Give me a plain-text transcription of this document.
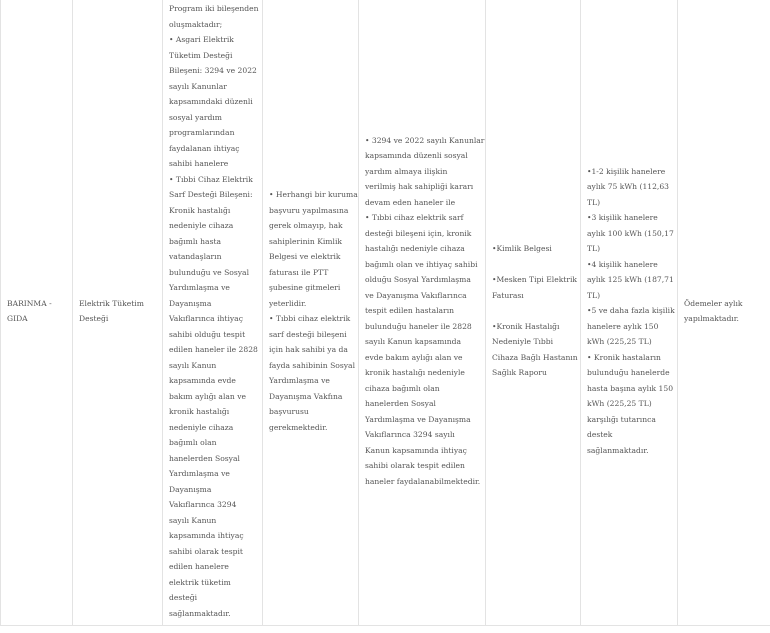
BARINMA -
GIDA

Elektrik Tüketim
Desteği

Program iki bileşenden
oluşmaktadır;
• Asgari Elektrik
Tüketim Desteği
Bileşeni: 3294 ve 2022
sayılı Kanunlar
kapsamındaki düzenli
sosyal yardım
programlarından
faydalanan ihtiyaç
sahibi hanelere
• Tıbbi Cihaz Elektrik
Sarf Desteği Bileşeni:
Kronik hastalığı
nedeniyle cihaza
bağımlı hasta
vatandaşların
bulunduğu ve Sosyal
Yardımlaşma ve
Dayanışma
Vakıflarınca ihtiyaç
sahibi olduğu tespit
edilen haneler ile 2828
sayılı Kanun
kapsamında evde
bakım aylığı alan ve
kronik hastalığı
nedeniyle cihaza
bağımlı olan
hanelerden Sosyal
Yardımlaşma ve
Dayanışma
Vakıflarınca 3294
sayılı Kanun
kapsamında ihtiyaç
sahibi olarak tespit
edilen hanelere
elektrik tüketim
desteği
sağlanmaktadır.

• Herhangi bir kuruma
başvuru yapılmasına
gerek olmayıp, hak
sahiplerinin Kimlik
Belgesi ve elektrik
faturası ile PTT
şubesine gitmeleri
yeterlidir.
• Tıbbi cihaz elektrik
sarf desteği bileşeni
için hak sahibi ya da
fayda sahibinin Sosyal
Yardımlaşma ve
Dayanışma Vakfına
başvurusu
gerekmektedir.

• 3294 ve 2022 sayılı Kanunlar
kapsamında düzenli sosyal
yardım almaya ilişkin
verilmiş hak sahipliği kararı
devam eden haneler ile
• Tıbbi cihaz elektrik sarf
desteği bileşeni için, kronik
hastalığı nedeniyle cihaza
bağımlı olan ve ihtiyaç sahibi
olduğu Sosyal Yardımlaşma
ve Dayanışma Vakıflarınca
tespit edilen hastaların
bulunduğu haneler ile 2828
sayılı Kanun kapsamında
evde bakım aylığı alan ve
kronik hastalığı nedeniyle
cihaza bağımlı olan
hanelerden Sosyal
Yardımlaşma ve Dayanışma
Vakıflarınca 3294 sayılı
Kanun kapsamında ihtiyaç
sahibi olarak tespit edilen
haneler faydalanabilmektedir.

•Kimlik Belgesi
•Mesken Tipi Elektrik
Faturası
•Kronik Hastalığı
Nedeniyle Tıbbi
Cihaza Bağlı Hastanın
Sağlık Raporu

•1-2 kişilik hanelere
aylık 75 kWh (112,63
TL)
•3 kişilik hanelere
aylık 100 kWh (150,17
TL)
•4 kişilik hanelere
aylık 125 kWh (187,71
TL)
•5 ve daha fazla kişilik
hanelere aylık 150
kWh (225,25 TL)
• Kronik hastaların
bulunduğu hanelerde
hasta başına aylık 150
kWh (225,25 TL)
karşılığı tutarınca
destek
sağlanmaktadır.

Ödemeler aylık
yapılmaktadır.
